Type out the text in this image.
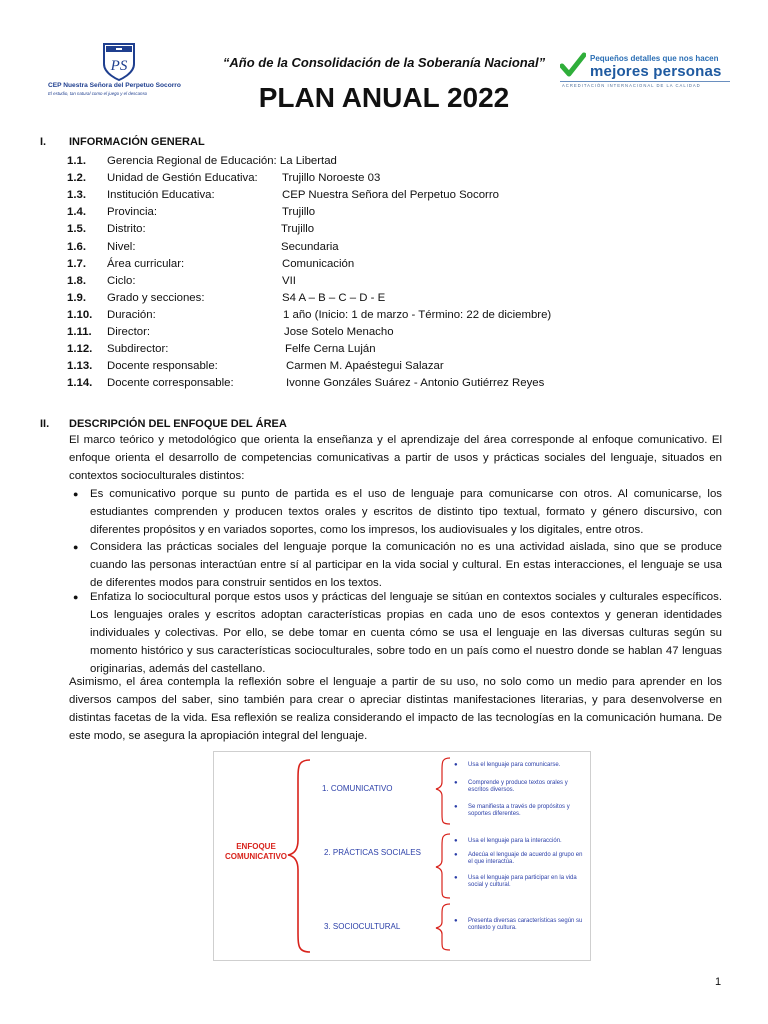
PS
CEP Nuestra Señora del Perpetuo Socorro
El estudio, tan natural como el juego y el descanso
“Año de la Consolidación de la Soberanía Nacional”
PLAN ANUAL 2022
Pequeños detalles que nos hacen
mejores personas
ACREDITACIÓN INTERNACIONAL DE LA CALIDAD
I. INFORMACIÓN GENERAL
1.1. Gerencia Regional de Educación: La Libertad
1.2. Unidad de Gestión Educativa: Trujillo Noroeste 03
1.3. Institución Educativa:	CEP Nuestra Señora del Perpetuo Socorro
1.4. Provincia:	Trujillo
1.5. Distrito:	Trujillo
1.6. Nivel:	Secundaria
1.7. Área curricular:	Comunicación
1.8. Ciclo:	VII
1.9. Grado y secciones:	S4 A – B – C – D - E
1.10. Duración:	1 año (Inicio: 1 de marzo - Término: 22 de diciembre)
1.11. Director:	Jose Sotelo Menacho
1.12. Subdirector:	Felfe Cerna Luján
1.13. Docente responsable:	Carmen M. Apaéstegui Salazar
1.14. Docente corresponsable:	Ivonne Gonzáles Suárez - Antonio Gutiérrez Reyes
II. DESCRIPCIÓN DEL ENFOQUE DEL ÁREA
El marco teórico y metodológico que orienta la enseñanza y el aprendizaje del área corresponde al enfoque comunicativo. El enfoque orienta el desarrollo de competencias comunicativas a partir de usos y prácticas sociales del lenguaje, situados en contextos socioculturales distintos:
● Es comunicativo porque su punto de partida es el uso de lenguaje para comunicarse con otros. Al comunicarse, los estudiantes comprenden y producen textos orales y escritos de distinto tipo textual, formato y género discursivo, con diferentes propósitos y en variados soportes, como los impresos, los audiovisuales y los digitales, entre otros.
● Considera las prácticas sociales del lenguaje porque la comunicación no es una actividad aislada, sino que se produce cuando las personas interactúan entre sí al participar en la vida social y cultural. En estas interacciones, el lenguaje se usa de diferentes modos para construir sentidos en los textos.
● Enfatiza lo sociocultural porque estos usos y prácticas del lenguaje se sitúan en contextos sociales y culturales específicos. Los lenguajes orales y escritos adoptan características propias en cada uno de esos contextos y generan identidades individuales y colectivas. Por ello, se debe tomar en cuenta cómo se usa el lenguaje en las diversas culturas según su momento histórico y sus características socioculturales, sobre todo en un país como el nuestro donde se hablan 47 lenguas originarias, además del castellano.
Asimismo, el área contempla la reflexión sobre el lenguaje a partir de su uso, no solo como un medio para aprender en los diversos campos del saber, sino también para crear o apreciar distintas manifestaciones literarias, y para desenvolverse en distintas facetas de la vida. Esa reflexión se realiza considerando el impacto de las tecnologías en la comunicación humana. De este modo, se asegura la apropiación integral del lenguaje.
ENFOQUE COMUNICATIVO
1. COMUNICATIVO
2. PRÁCTICAS SOCIALES
3. SOCIOCULTURAL
● Usa el lenguaje para comunicarse.
● Comprende y produce textos orales y escritos diversos.
● Se manifiesta a través de propósitos y soportes diferentes.
● Usa el lenguaje para la interacción.
● Adecúa el lenguaje de acuerdo al grupo en el que interactúa.
● Usa el lenguaje para participar en la vida social y cultural.
● Presenta diversas características según su contexto y cultura.
1
